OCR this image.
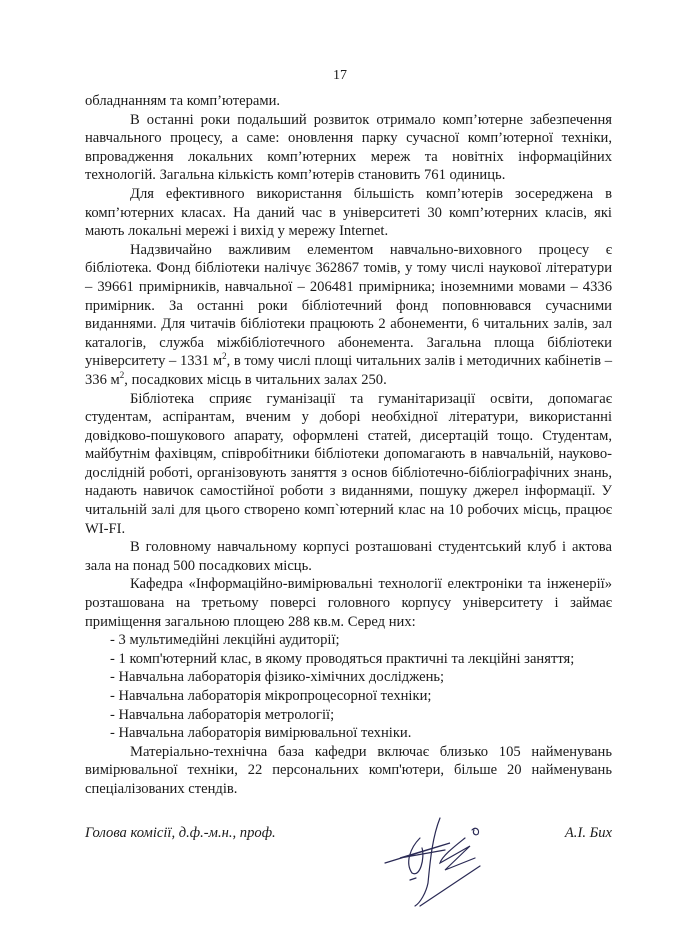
17

обладнанням та комп’ютерами.

В останні роки подальший розвиток отримало комп’ютерне забезпечення навчального процесу, а саме: оновлення парку сучасної комп’ютерної техніки, впровадження локальних комп’ютерних мереж та новітніх інформаційних технологій. Загальна кількість комп’ютерів становить 761 одиниць.

Для ефективного використання більшість комп’ютерів зосереджена в комп’ютерних класах. На даний час в університеті 30 комп’ютерних класів, які мають локальні мережі і вихід у мережу Internet.

Надзвичайно важливим елементом навчально-виховного процесу є бібліотека. Фонд бібліотеки налічує 362867 томів, у тому числі наукової літератури – 39661 примірників, навчальної – 206481 примірника; іноземними мовами – 4336 примірник. За останні роки бібліотечний фонд поповнювався сучасними виданнями. Для читачів бібліотеки працюють 2 абонементи, 6 читальних залів, зал каталогів, служба міжбібліотечного абонемента. Загальна площа бібліотеки університету – 1331 $м^2$, в тому числі площі читальних залів і методичних кабінетів – 336 $м^2$, посадкових місць в читальних залах 250.

Бібліотека сприяє гуманізації та гуманітаризації освіти, допомагає студентам, аспірантам, вченим у доборі необхідної літератури, використанні довідково-пошукового апарату, оформлені статей, дисертацій тощо. Студентам, майбутнім фахівцям, співробітники бібліотеки допомагають в навчальній, науково-дослідній роботі, організовують заняття з основ бібліотечно-бібліографічних знань, надають навичок самостійної роботи з виданнями, пошуку джерел інформації. У читальній залі для цього створено комп`ютерний клас на 10 робочих місць, працює WI-FI.

В головному навчальному корпусі розташовані студентський клуб і актова зала на понад 500 посадкових місць.

Кафедра «Інформаційно-вимірювальні технології електроніки та інженерії» розташована на третьому поверсі головного корпусу університету і займає приміщення загальною площею 288 кв.м. Серед них:

- 3 мультимедійні лекційні аудиторії;
- 1 комп'ютерний клас, в якому проводяться практичні та лекційні заняття;
- Навчальна лабораторія фізико-хімічних досліджень;
- Навчальна лабораторія мікропроцесорної техніки;
- Навчальна лабораторія метрології;
- Навчальна лабораторія вимірювальної техніки.

Матеріально-технічна база кафедри включає близько 105 найменувань вимірювальної техніки, 22 персональних комп'ютери, більше 20 найменувань спеціалізованих стендів.

Голова комісії, д.ф.-м.н., проф.	А.І. Бих
